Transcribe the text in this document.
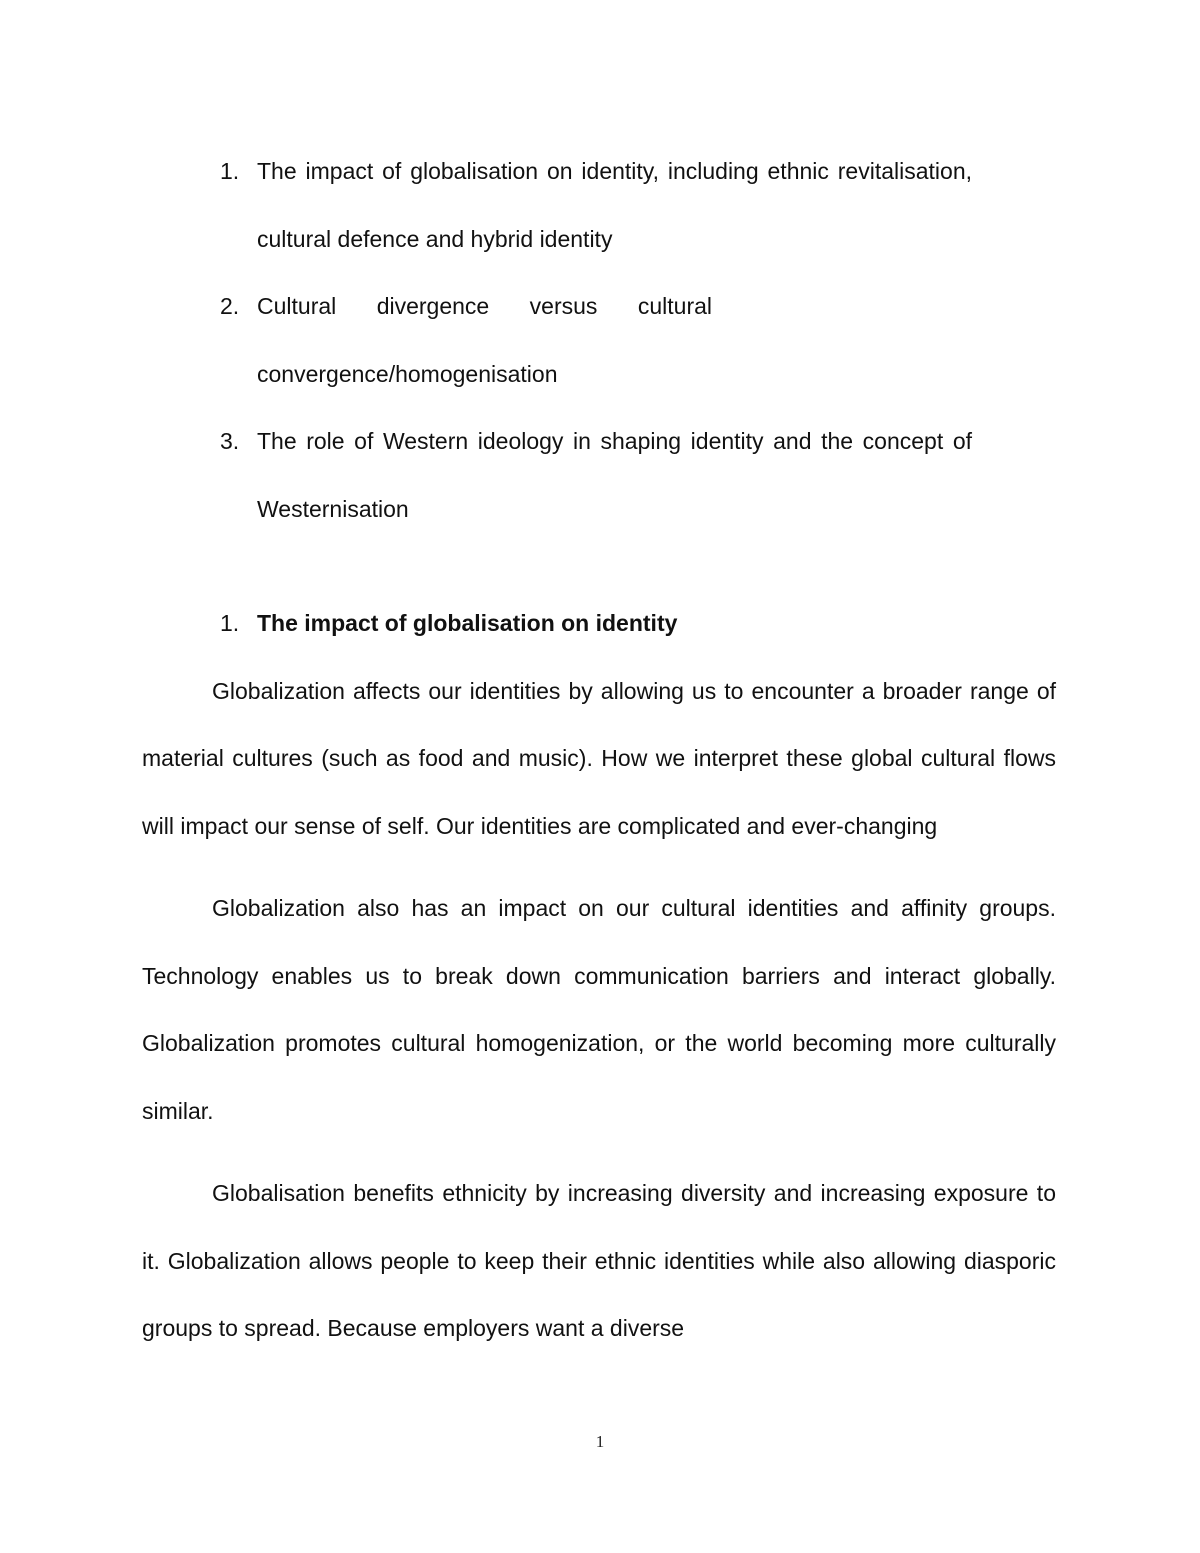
1. The impact of globalisation on identity, including ethnic revitalisation, cultural defence and hybrid identity
2. Cultural divergence versus cultural convergence/homogenisation
3. The role of Western ideology in shaping identity and the concept of Westernisation
1. The impact of globalisation on identity

Globalization affects our identities by allowing us to encounter a broader range of material cultures (such as food and music). How we interpret these global cultural flows will impact our sense of self. Our identities are complicated and ever-changing

Globalization also has an impact on our cultural identities and affinity groups. Technology enables us to break down communication barriers and interact globally. Globalization promotes cultural homogenization, or the world becoming more culturally similar.

Globalisation benefits ethnicity by increasing diversity and increasing exposure to it. Globalization allows people to keep their ethnic identities while also allowing diasporic groups to spread. Because employers want a diverse

1
